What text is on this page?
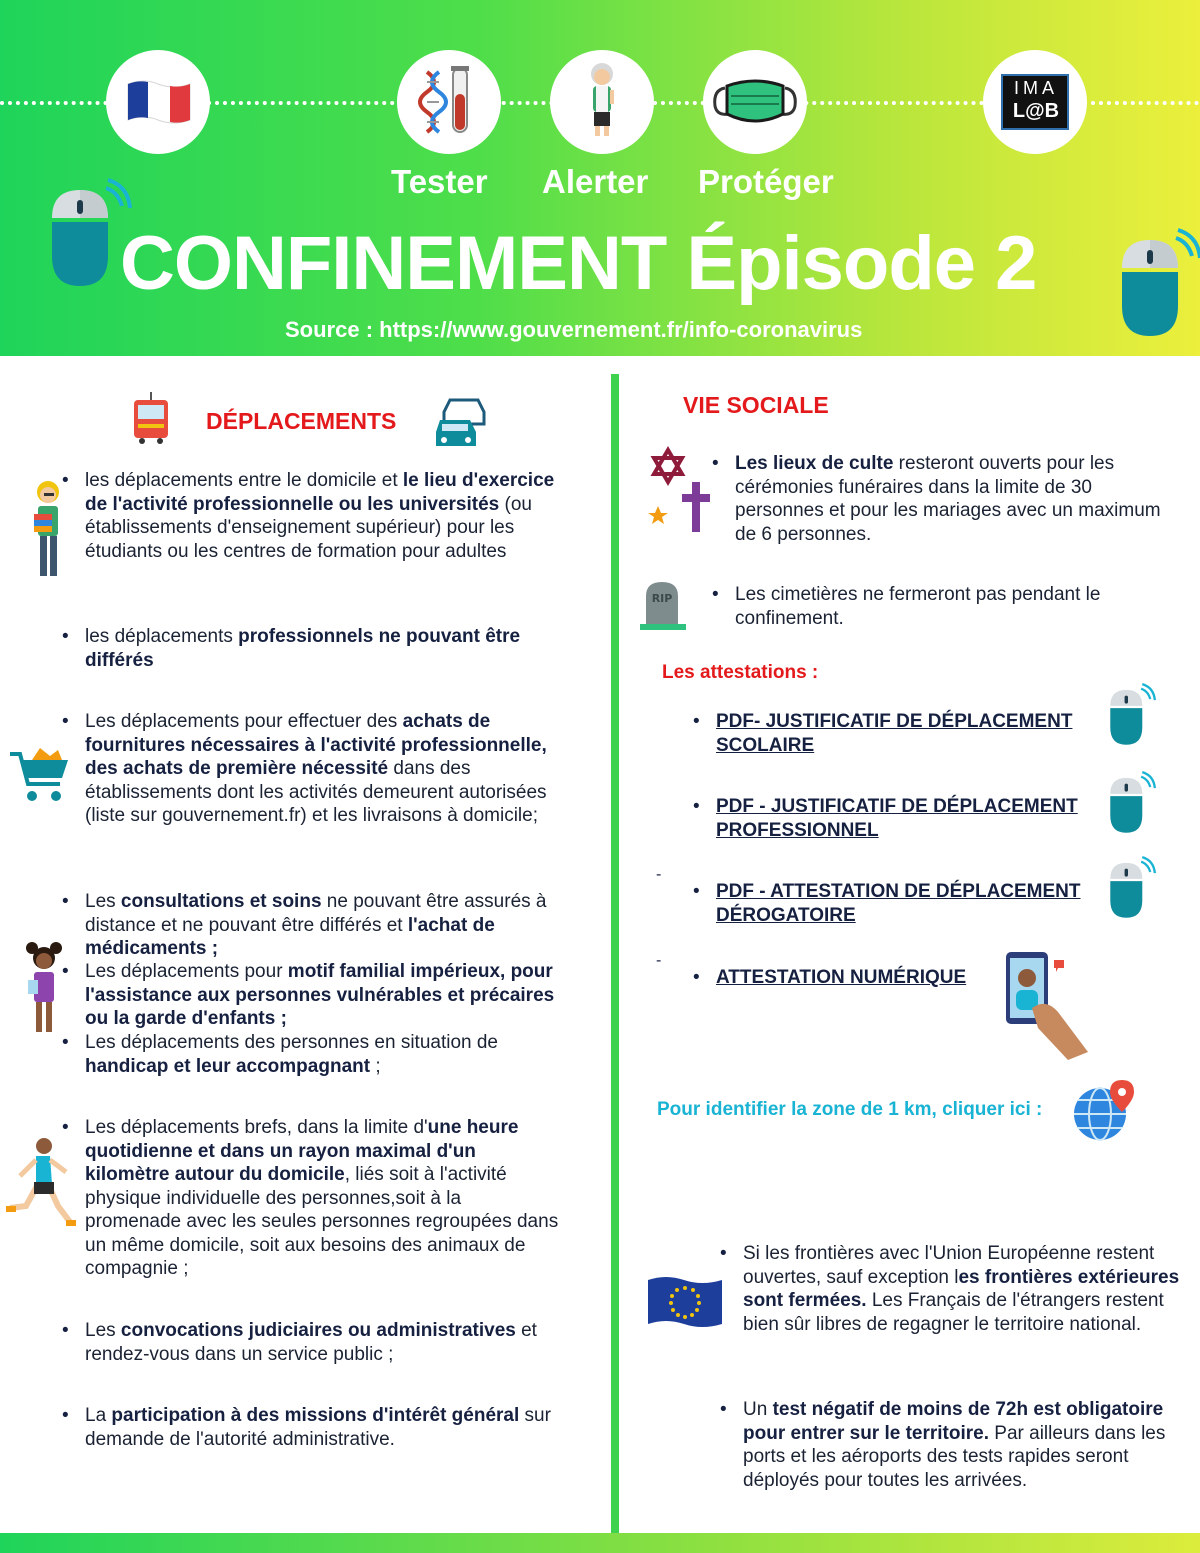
IMA
L@B
Tester Alerter Protéger
CONFINEMENT Épisode 2
Source : https://www.gouvernement.fr/info-coronavirus
DÉPLACEMENTS
• les déplacements entre le domicile et le lieu d'exercice de l'activité professionnelle ou les universités (ou établissements d'enseignement supérieur) pour les étudiants ou les centres de formation pour adultes
• les déplacements professionnels ne pouvant être différés
• Les déplacements pour effectuer des achats de fournitures nécessaires à l'activité professionnelle, des achats de première nécessité dans des établissements dont les activités demeurent autorisées (liste sur gouvernement.fr) et les livraisons à domicile;
• Les consultations et soins ne pouvant être assurés à distance et ne pouvant être différés et l'achat de médicaments ;
• Les déplacements pour motif familial impérieux, pour l'assistance aux personnes vulnérables et précaires ou la garde d'enfants ;
• Les déplacements des personnes en situation de handicap et leur accompagnant ;
• Les déplacements brefs, dans la limite d'une heure quotidienne et dans un rayon maximal d'un kilomètre autour du domicile, liés soit à l'activité physique individuelle des personnes,soit à la promenade avec les seules personnes regroupées dans un même domicile, soit aux besoins des animaux de compagnie ;
• Les convocations judiciaires ou administratives et rendez-vous dans un service public ;
• La participation à des missions d'intérêt général sur demande de l'autorité administrative.
VIE SOCIALE
• Les lieux de culte resteront ouverts pour les cérémonies funéraires dans la limite de 30 personnes et pour les mariages avec un maximum de 6 personnes.
RIP • Les cimetières ne fermeront pas pendant le confinement.
Les attestations :
• PDF- JUSTIFICATIF DE DÉPLACEMENT SCOLAIRE
• PDF - JUSTIFICATIF DE DÉPLACEMENT PROFESSIONNEL
-
• PDF - ATTESTATION DE DÉPLACEMENT DÉROGATOIRE
-
• ATTESTATION NUMÉRIQUE
Pour identifier la zone de 1 km, cliquer ici :
• Si les frontières avec l'Union Européenne restent ouvertes, sauf exception les frontières extérieures sont fermées. Les Français de l'étrangers restent bien sûr libres de regagner le territoire national.
• Un test négatif de moins de 72h est obligatoire pour entrer sur le territoire. Par ailleurs dans les ports et les aéroports des tests rapides seront déployés pour toutes les arrivées.
